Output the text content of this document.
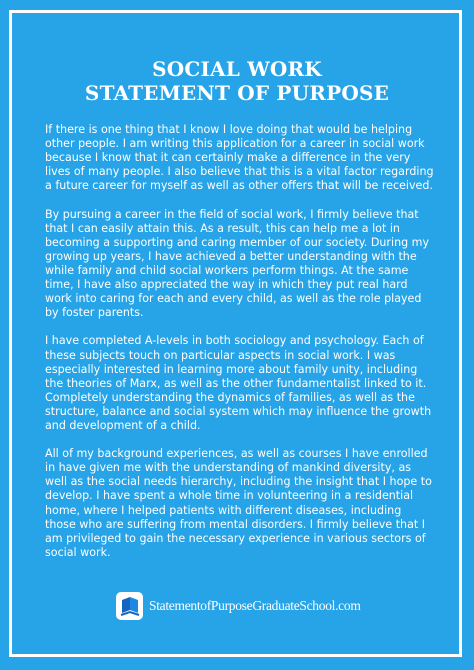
SOCIAL WORK
STATEMENT OF PURPOSE

If there is one thing that I know I love doing that would be helping other people. I am writing this application for a career in social work because I know that it can certainly make a difference in the very lives of many people. I also believe that this is a vital factor regarding a future career for myself as well as other offers that will be received.

By pursuing a career in the field of social work, I firmly believe that that I can easily attain this. As a result, this can help me a lot in becoming a supporting and caring member of our society. During my growing up years, I have achieved a better understanding with the while family and child social workers perform things. At the same time, I have also appreciated the way in which they put real hard work into caring for each and every child, as well as the role played by foster parents.

I have completed A-levels in both sociology and psychology. Each of these subjects touch on particular aspects in social work. I was especially interested in learning more about family unity, including the theories of Marx, as well as the other fundamentalist linked to it. Completely understanding the dynamics of families, as well as the structure, balance and social system which may influence the growth and development of a child.

All of my background experiences, as well as courses I have enrolled in have given me with the understanding of mankind diversity, as well as the social needs hierarchy, including the insight that I hope to develop. I have spent a whole time in volunteering in a residential home, where I helped patients with different diseases, including those who are suffering from mental disorders. I firmly believe that I am privileged to gain the necessary experience in various sectors of social work.

StatementofPurposeGraduateSchool.com
